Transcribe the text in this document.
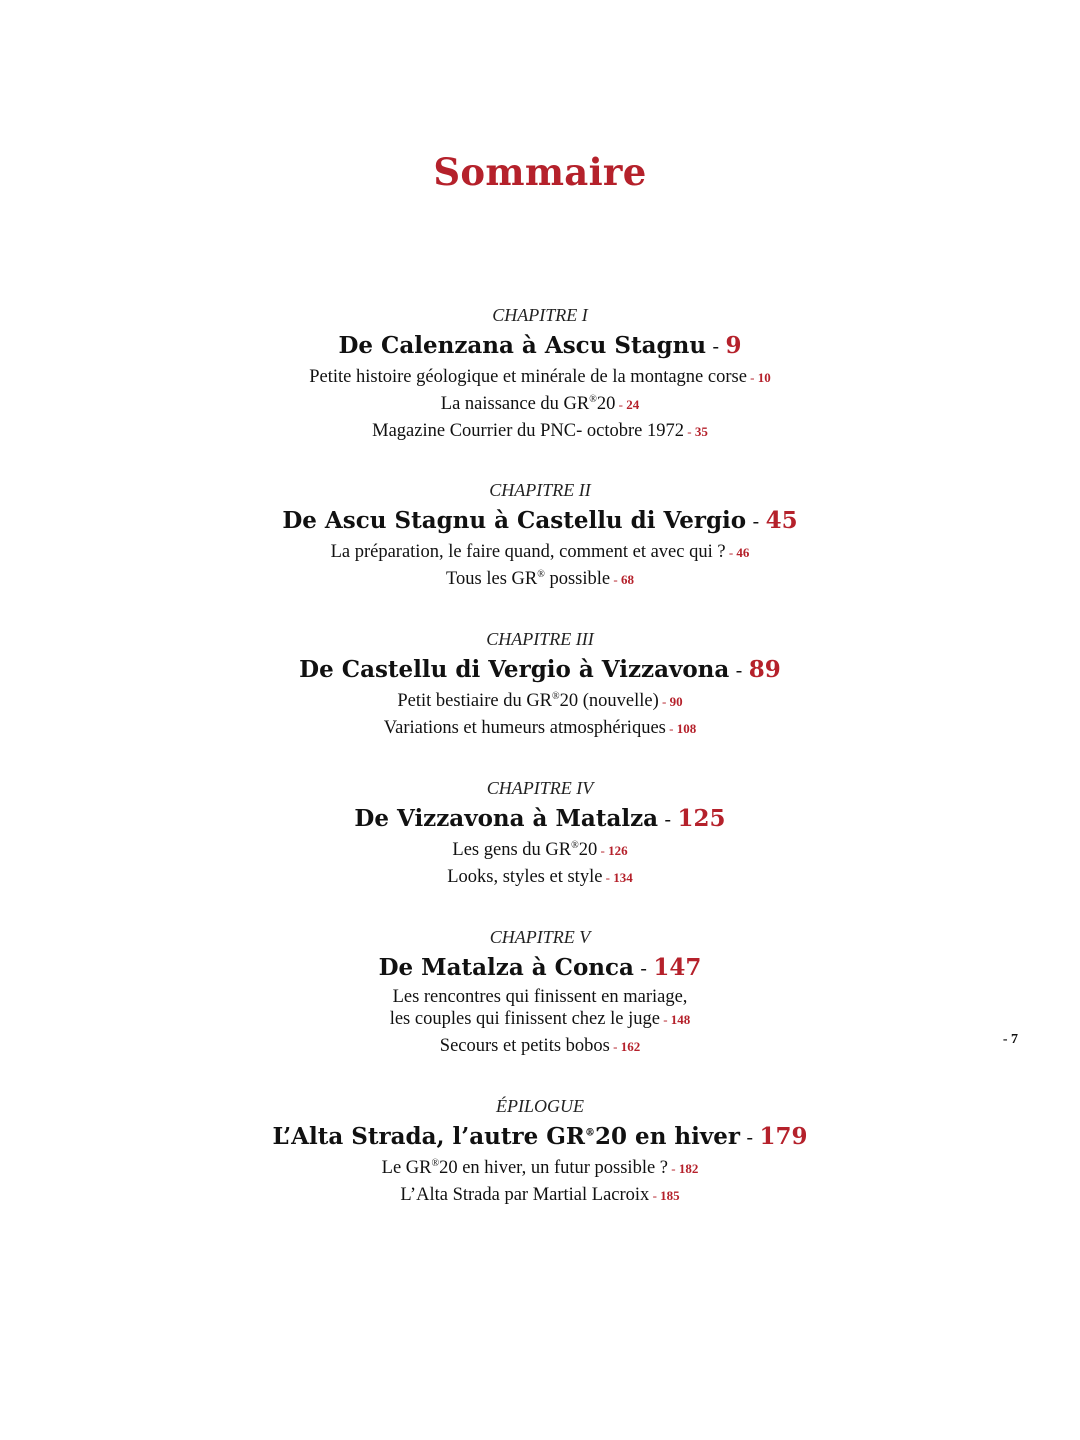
Sommaire
CHAPITRE I
De Calenzana à Ascu Stagnu - 9
Petite histoire géologique et minérale de la montagne corse - 10
La naissance du GR®20 - 24
Magazine Courrier du PNC- octobre 1972 - 35
CHAPITRE II
De Ascu Stagnu à Castellu di Vergio - 45
La préparation, le faire quand, comment et avec qui ? - 46
Tous les GR® possible - 68
CHAPITRE III
De Castellu di Vergio à Vizzavona - 89
Petit bestiaire du GR®20 (nouvelle) - 90
Variations et humeurs atmosphériques - 108
CHAPITRE IV
De Vizzavona à Matalza - 125
Les gens du GR®20 - 126
Looks, styles et style - 134
CHAPITRE V
De Matalza à Conca - 147
Les rencontres qui finissent en mariage,
les couples qui finissent chez le juge - 148
Secours et petits bobos - 162
ÉPILOGUE
L’Alta Strada, l’autre GR®20 en hiver - 179
Le GR®20 en hiver, un futur possible ? - 182
L’Alta Strada par Martial Lacroix - 185
- 7
